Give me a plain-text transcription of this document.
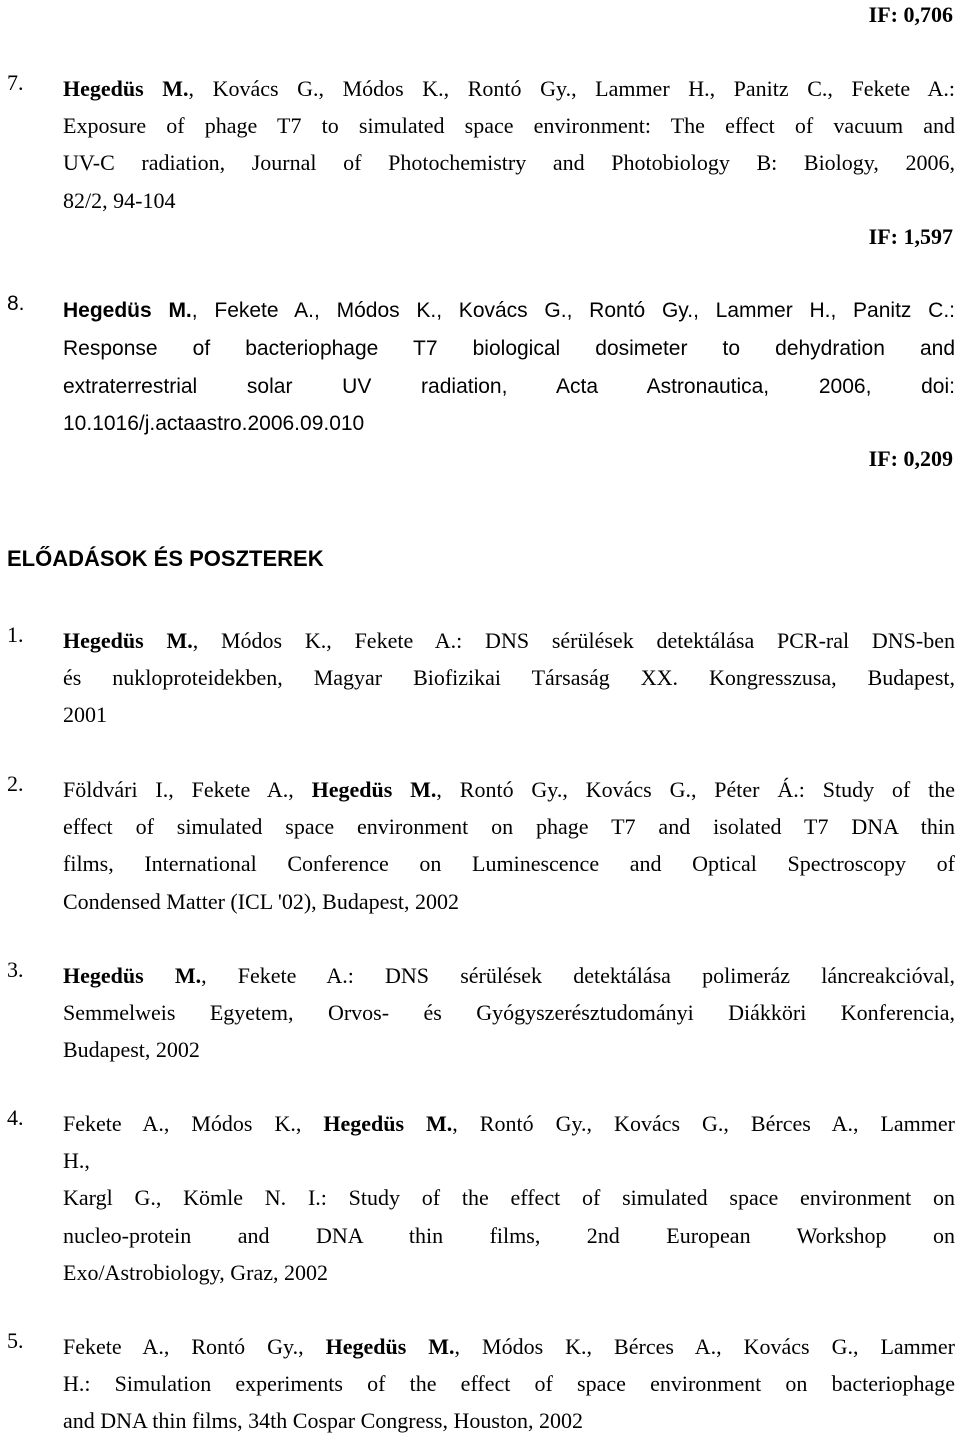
IF: 0,706
7. Hegedüs M., Kovács G., Módos K., Rontó Gy., Lammer H., Panitz C., Fekete A.:
Exposure of phage T7 to simulated space environment: The effect of vacuum and
UV-C radiation, Journal of Photochemistry and Photobiology B: Biology, 2006,
82/2, 94-104
IF: 1,597
8. Hegedüs M., Fekete A., Módos K., Kovács G., Rontó Gy., Lammer H., Panitz C.:
Response of bacteriophage T7 biological dosimeter to dehydration and
extraterrestrial solar UV radiation, Acta Astronautica, 2006, doi:
10.1016/j.actaastro.2006.09.010
IF: 0,209
ELŐADÁSOK ÉS POSZTEREK
1. Hegedüs M., Módos K., Fekete A.: DNS sérülések detektálása PCR-ral DNS-ben
és nukloproteidekben, Magyar Biofizikai Társaság XX. Kongresszusa, Budapest,
2001
2. Földvári I., Fekete A., Hegedüs M., Rontó Gy., Kovács G., Péter Á.: Study of the
effect of simulated space environment on phage T7 and isolated T7 DNA thin
films, International Conference on Luminescence and Optical Spectroscopy of
Condensed Matter (ICL '02), Budapest, 2002
3. Hegedüs M., Fekete A.: DNS sérülések detektálása polimeráz láncreakcióval,
Semmelweis Egyetem, Orvos- és Gyógyszerésztudományi Diákköri Konferencia,
Budapest, 2002
4. Fekete A., Módos K., Hegedüs M., Rontó Gy., Kovács G., Bérces A., Lammer
H.,
Kargl G., Kömle N. I.: Study of the effect of simulated space environment on
nucleo-protein and DNA thin films, 2nd European Workshop on
Exo/Astrobiology, Graz, 2002
5. Fekete A., Rontó Gy., Hegedüs M., Módos K., Bérces A., Kovács G., Lammer
H.: Simulation experiments of the effect of space environment on bacteriophage
and DNA thin films, 34th Cospar Congress, Houston, 2002
